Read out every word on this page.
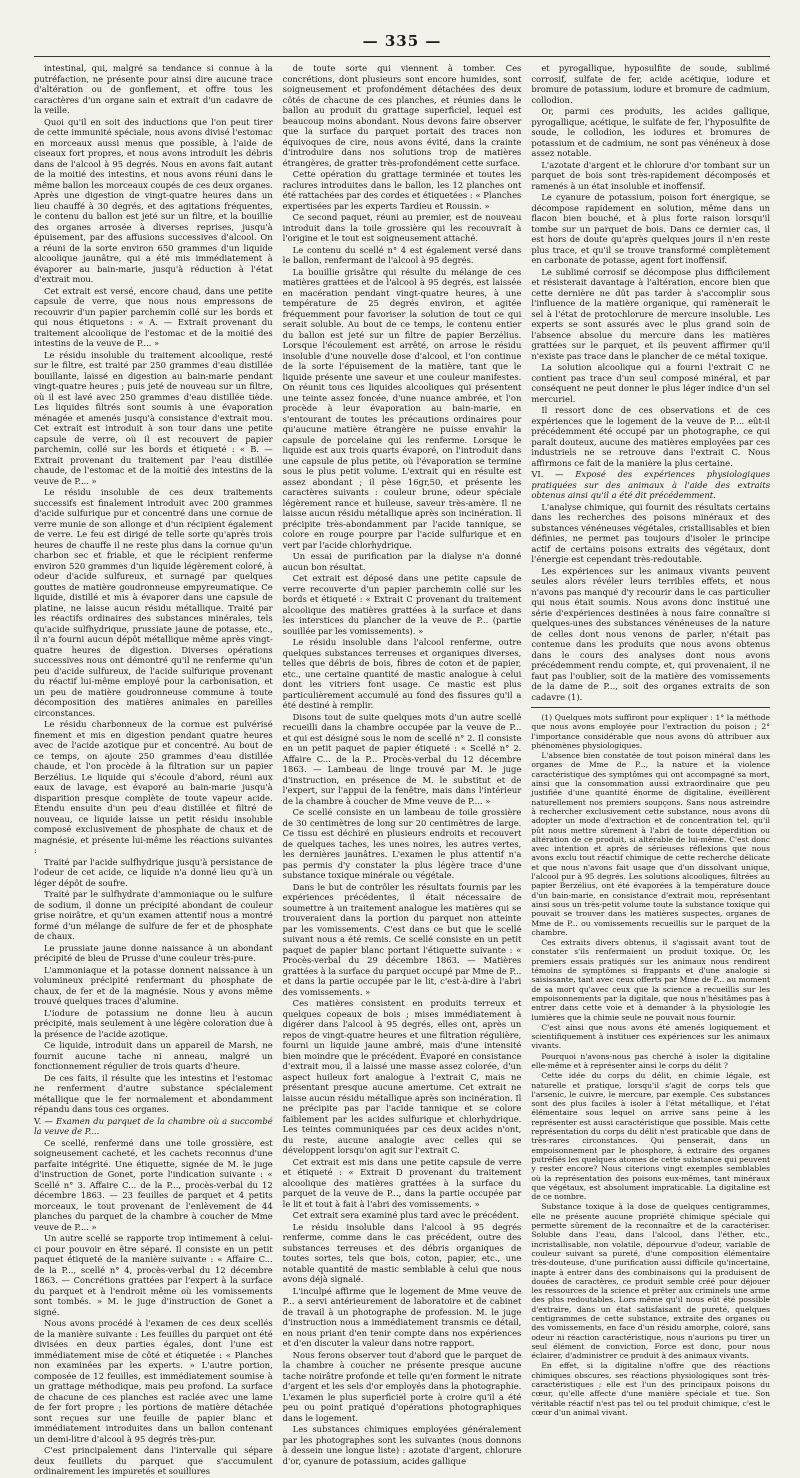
— 335 —

intestinal, qui, malgré sa tendance si connue à la putréfaction, ne présente pour ainsi dire aucune trace d'altération ou de gonflement, et offre tous les caractères d'un organe sain et extrait d'un cadavre de la veille.

Quoi qu'il en soit des inductions que l'on peut tirer de cette immunité spéciale, nous avons divisé l'estomac en morceaux aussi menus que possible, à l'aide de ciseaux fort propres, et nous avons introduit les débris dans de l'alcool à 95 degrés. Nous en avons fait autant de la moitié des intestins, et nous avons réuni dans le même ballon les morceaux coupés de ces deux organes. Après une digestion de vingt-quatre heures dans un lieu chauffé à 30 degrés, et des agitations fréquentes, le contenu du ballon est jeté sur un filtre, et la bouillie des organes arrosée à diverses reprises, jusqu'à épuisement, par des affusions successives d'alcool. On a réuni de la sorte environ 650 grammes d'un liquide alcoolique jaunâtre, qui a été mis immédiatement à évaporer au bain-marie, jusqu'à réduction à l'état d'extrait mou.

Cet extrait est versé, encore chaud, dans une petite capsule de verre, que nous nous empressons de recouvrir d'un papier parchemin collé sur les bords et qui nous étiquetons : « A. — Extrait provenant du traitement alcoolique de l'estomac et de la moitié des intestins de la veuve de P.... »

Le résidu insoluble du traitement alcoolique, resté sur le filtre, est traité par 250 grammes d'eau distillée bouillante, laissé en digestion au bain-marie pendant vingt-quatre heures ; puis jeté de nouveau sur un filtre, où il est lavé avec 250 grammes d'eau distillée tiède. Les liquides filtrés sont soumis à une évaporation ménagée et amenés jusqu'à consistance d'extrait mou. Cet extrait est introduit à son tour dans une petite capsule de verre, où il est recouvert de papier parchemin, collé sur les bords et étiqueté : « B. — Extrait provenant du traitement par l'eau distillée chaude, de l'estomac et de la moitié des intestins de la veuve de P.... »

Le résidu insoluble de ces deux traitements successifs est finalement introduit avec 200 grammes d'acide sulfurique pur et concentré dans une cornue de verre munie de son allonge et d'un récipient également de verre. Le feu est dirigé de telle sorte qu'après trois heures de chauffe il ne reste plus dans la cornue qu'un charbon sec et friable, et que le récipient renferme environ 520 grammes d'un liquide légèrement coloré, à odeur d'acide sulfureux, et surnagé par quelques gouttes de matière goudronneuse empyreumatique. Ce liquide, distillé et mis à évaporer dans une capsule de platine, ne laisse aucun résidu métallique. Traité par les réactifs ordinaires des substances minérales, tels qu'acide sulfhydrique, prussiate jaune de potasse, etc., il n'a fourni aucun dépôt métallique même après vingt-quatre heures de digestion. Diverses opérations successives nous ont démontré qu'il ne renferme qu'un peu d'acide sulfureux, de l'acide sulfurique provenant du réactif lui-même employé pour la carbonisation, et un peu de matière goudronneuse commune à toute décomposition des matières animales en pareilles circonstances.

Le résidu charbonneux de la cornue est pulvérisé finement et mis en digestion pendant quatre heures avec de l'acide azotique pur et concentré. Au bout de ce temps, on ajoute 250 grammes d'eau distillée chaude, et l'on procède à la filtration sur un papier Berzélius. Le liquide qui s'écoule d'abord, réuni aux eaux de lavage, est évaporé au bain-marie jusqu'à disparition presque complète de toute vapeur acide. Étendu ensuite d'un peu d'eau distillée et filtré de nouveau, ce liquide laisse un petit résidu insoluble composé exclusivement de phosphate de chaux et de magnésie, et présente lui-même les réactions suivantes :

Traité par l'acide sulfhydrique jusqu'à persistance de l'odeur de cet acide, ce liquide n'a donné lieu qu'à un léger dépôt de soufre.

Traité par le sulfhydrate d'ammoniaque ou le sulfure de sodium, il donne un précipité abondant de couleur grise noirâtre, et qu'un examen attentif nous a montré formé d'un mélange de sulfure de fer et de phosphate de chaux.

Le prussiate jaune donne naissance à un abondant précipité de bleu de Prusse d'une couleur très-pure.

L'ammoniaque et la potasse donnent naissance à un volumineux précipité renfermant du phosphate de chaux, de fer et de la magnésie. Nous y avons même trouvé quelques traces d'alumine.

L'iodure de potassium ne donne lieu à aucun précipité, mais seulement à une légère coloration due à la présence de l'acide azotique.

Ce liquide, introduit dans un appareil de Marsh, ne fournit aucune tache ni anneau, malgré un fonctionnement régulier de trois quarts d'heure.

De ces faits, il résulte que les intestins et l'estomac ne renferment d'autre substance spécialement métallique que le fer normalement et abondamment répandu dans tous ces organes.

V. — Examen du parquet de la chambre où a succombé la veuve de P....

Ce scellé, renfermé dans une toile grossière, est soigneusement cacheté, et les cachets reconnus d'une parfaite intégrité. Une étiquette, signée de M. le juge d'instruction de Gonet, porte l'indication suivante : « Scellé n° 3. Affaire C... de la P..., procès-verbal du 12 décembre 1863. — 23 feuilles de parquet et 4 petits morceaux, le tout provenant de l'enlèvement de 44 planches du parquet de la chambre à coucher de Mme veuve de P.... »

Un autre scellé se rapporte trop intimement à celui-ci pour pouvoir en être séparé. Il consiste en un petit paquet étiqueté de la manière suivante : « Affaire C... de la P..., scellé n° 4, procès-verbal du 12 décembre 1863. — Concrétions grattées par l'expert à la surface du parquet et à l'endroit même où les vomissements sont tombés. » M. le juge d'instruction de Gonet a signé.

Nous avons procédé à l'examen de ces deux scellés de la manière suivante : Les feuilles du parquet ont été divisées en deux parties égales, dont l'une est immédiatement mise de côté et étiquetée : « Planches non examinées par les experts. » L'autre portion, composée de 12 feuilles, est immédiatement soumise à un grattage méthodique, mais peu profond. La surface de chacune de ces planches est raclée avec une lame de fer fort propre ; les portions de matière détachée sont reçues sur une feuille de papier blanc et immédiatement introduites dans un ballon contenant un demi-litre d'alcool à 95 degrés très-pur.

C'est principalement dans l'intervalle qui sépare deux feuillets du parquet que s'accumulent ordinairement les impuretés et souillures

de toute sorte qui viennent à tomber. Ces concrétions, dont plusieurs sont encore humides, sont soigneusement et profondément détachées des deux côtés de chacune de ces planches, et réunies dans le ballon au produit du grattage superficiel, lequel est beaucoup moins abondant. Nous devons faire observer que la surface du parquet portait des traces non équivoques de cire, nous avons évité, dans la crainte d'introduire dans nos solutions trop de matières étrangères, de gratter très-profondément cette surface.

Cette opération du grattage terminée et toutes les raclures introduites dans le ballon, les 12 planches ont été rattachées par des cordes et étiquetées : « Planches expertisées par les experts Tardieu et Roussin. »

Ce second paquet, réuni au premier, est de nouveau introduit dans la toile grossière qui les recouvrait à l'origine et le tout est soigneusement attaché.

Le contenu du scellé n° 4 est également versé dans le ballon, renfermant de l'alcool à 95 degrés.

La bouillie grisâtre qui résulte du mélange de ces matières grattées et de l'alcool à 95 degrés, est laissée en macération pendant vingt-quatre heures, à une température de 25 degrés environ, et agitée fréquemment pour favoriser la solution de tout ce qui serait soluble. Au bout de ce temps, le contenu entier du ballon est jeté sur un filtre de papier Berzélius. Lorsque l'écoulement est arrêté, on arrose le résidu insoluble d'une nouvelle dose d'alcool, et l'on continue de la sorte l'épuisement de la matière, tant que le liquide présente une saveur et une couleur manifestes. On réunit tous ces liquides alcooliques qui présentent une teinte assez foncée, d'une nuance ambrée, et l'on procède à leur évaporation au bain-marie, en s'entourant de toutes les précautions ordinaires pour qu'aucune matière étrangère ne puisse envahir la capsule de porcelaine qui les renferme. Lorsque le liquide est aux trois quarts évaporé, on l'introduit dans une capsule de plus petite, où l'évaporation se termine sous le plus petit volume. L'extrait qui en résulte est assez abondant ; il pèse 16gr,50, et présente les caractères suivants : couleur brune, odeur spéciale légèrement rance et huileuse, saveur très-amère. Il ne laisse aucun résidu métallique après son incinération. Il précipite très-abondamment par l'acide tannique, se colore en rouge pourpre par l'acide sulfurique et en vert par l'acide chlorhydrique.

Un essai de purification par la dialyse n'a donné aucun bon résultat.

Cet extrait est déposé dans une petite capsule de verre recouverte d'un papier parchemin collé sur les bords et étiqueté : « Extrait C provenant du traitement alcoolique des matières grattées à la surface et dans les interstices du plancher de la veuve de P... (partie souillée par les vomissements). »

Le résidu insoluble dans l'alcool renferme, outre quelques substances terreuses et organiques diverses, telles que débris de bois, fibres de coton et de papier, etc., une certaine quantité de mastic analogue à celui dont les vitriers font usage. Ce mastic est plus particulièrement accumulé au fond des fissures qu'il a été destiné à remplir.

Disons tout de suite quelques mots d'un autre scellé recueilli dans la chambre occupée par la veuve de P... et qui est désigné sous le nom de scellé n° 2. Il consiste en un petit paquet de papier étiqueté : « Scellé n° 2. Affaire C... de la P... Procès-verbal du 12 décembre 1863. — Lambeau de linge trouvé par M. le juge d'instruction, en présence de M. le substitut et de l'expert, sur l'appui de la fenêtre, mais dans l'intérieur de la chambre à coucher de Mme veuve de P.... »

Ce scellé consiste en un lambeau de toile grossière de 30 centimètres de long sur 20 centimètres de large. Ce tissu est déchiré en plusieurs endroits et recouvert de quelques taches, les unes noires, les autres vertes, les dernières jaunâtres. L'examen le plus attentif n'a pas permis d'y constater la plus légère trace d'une substance toxique minérale ou végétale.

Dans le but de contrôler les résultats fournis par les expériences précédentes, il était nécessaire de soumettre à un traitement analogue les matières qui se trouveraient dans la portion du parquet non atteinte par les vomissements. C'est dans ce but que le scellé suivant nous a été remis. Ce scellé consiste en un petit paquet de papier blanc portant l'étiquette suivante : « Procès-verbal du 29 décembre 1863. — Matières grattées à la surface du parquet occupé par Mme de P... et dans la partie occupée par le lit, c'est-à-dire à l'abri des vomissements. »

Ces matières consistent en produits terreux et quelques copeaux de bois ; mises immédiatement à digérer dans l'alcool à 95 degrés, elles ont, après un repos de vingt-quatre heures et une filtration régulière, fourni un liquide jaune ambré, mais d'une intensité bien moindre que le précédent. Évaporé en consistance d'extrait mou, il a laissé une masse assez colorée, d'un aspect huileux fort analogue à l'extrait C, mais ne présentant presque aucune amertume. Cet extrait ne laisse aucun résidu métallique après son incinération. Il ne précipite pas par l'acide tannique et se colore faiblement par les acides sulfurique et chlorhydrique. Les teintes communiquées par ces deux acides n'ont, du reste, aucune analogie avec celles qui se développent lorsqu'on agit sur l'extrait C.

Cet extrait est mis dans une petite capsule de verre et étiqueté : « Extrait D provenant du traitement alcoolique des matières grattées à la surface du parquet de la veuve de P..., dans la partie occupée par le lit et tout à fait à l'abri des vomissements. »

Cet extrait sera examiné plus tard avec le précédent.

Le résidu insoluble dans l'alcool à 95 degrés renferme, comme dans le cas précédent, outre des substances terreuses et des débris organiques de toutes sortes, tels que bois, coton, papier, etc., une notable quantité de mastic semblable à celui que nous avons déjà signalé.

L'inculpé affirme que le logement de Mme veuve de P... a servi antérieurement de laboratoire et de cabinet de travail à un photographe de profession. M. le juge d'instruction nous a immédiatement transmis ce détail, en nous priant d'en tenir compte dans nos expériences et d'en discuter la valeur dans notre rapport.

Nous ferons observer tout d'abord que le parquet de la chambre à coucher ne présente presque aucune tache noirâtre profonde et telle qu'en forment le nitrate d'argent et les sels d'or employés dans la photographie. L'examen le plus superficiel porte à croire qu'il a été peu ou point pratiqué d'opérations photographiques dans le logement.

Les substances chimiques employées généralement par les photographes sont les suivantes (nous donnons à dessein une longue liste) : azotate d'argent, chlorure d'or, cyanure de potassium, acides gallique

et pyrogallique, hyposulfite de soude, sublimé corrosif, sulfate de fer, acide acétique, iodure et bromure de potassium, iodure et bromure de cadmium, collodion.

Or, parmi ces produits, les acides gallique, pyrogallique, acétique, le sulfate de fer, l'hyposulfite de soude, le collodion, les iodures et bromures de potassium et de cadmium, ne sont pas vénéneux à dose assez notable.

L'azotate d'argent et le chlorure d'or tombant sur un parquet de bois sont très-rapidement décomposés et ramenés à un état insoluble et inoffensif.

Le cyanure de potassium, poison fort énergique, se décompose rapidement en solution, même dans un flacon bien bouché, et à plus forte raison lorsqu'il tombe sur un parquet de bois. Dans ce dernier cas, il est hors de doute qu'après quelques jours il n'en reste plus trace, et qu'il se trouve transformé complètement en carbonate de potasse, agent fort inoffensif.

Le sublimé corrosif se décompose plus difficilement et résisterait davantage à l'altération, encore bien que cette dernière ne dût pas tarder à s'accomplir sous l'influence de la matière organique, qui ramènerait le sel à l'état de protochlorure de mercure insoluble. Les experts se sont assurés avec le plus grand soin de l'absence absolue du mercure dans les matières grattées sur le parquet, et ils peuvent affirmer qu'il n'existe pas trace dans le plancher de ce métal toxique.

La solution alcoolique qui a fourni l'extrait C ne contient pas trace d'un seul composé minéral, et par conséquent ne peut donner le plus léger indice d'un sel mercuriel.

Il ressort donc de ces observations et de ces expériences que le logement de la veuve de P.... eût-il précédemment été occupé par un photographe, ce qui paraît douteux, aucune des matières employées par ces industriels ne se retrouve dans l'extrait C. Nous affirmons ce fait de la manière la plus certaine.

VI. — Exposé des expériences physiologiques pratiquées sur des animaux à l'aide des extraits obtenus ainsi qu'il a été dit précédemment.

L'analyse chimique, qui fournit des résultats certains dans les recherches des poisons minéraux et des substances vénéneuses végétales, cristallisables et bien définies, ne permet pas toujours d'isoler le principe actif de certains poisons extraits des végétaux, dont l'énergie est cependant très-redoutable.

Les expériences sur les animaux vivants peuvent seules alors révéler leurs terribles effets, et nous n'avons pas manqué d'y recourir dans le cas particulier qui nous était soumis. Nous avons donc institué une série d'expériences destinées à nous faire connaître si quelques-unes des substances vénéneuses de la nature de celles dont nous venons de parler, n'était pas contenue dans les produits que nous avons obtenus dans le cours des analyses dont nous avons précédemment rendu compte, et, qui provenaient, il ne faut pas l'oublier, soit de la matière des vomissements de la dame de P..., soit des organes extraits de son cadavre (1).

(1) Quelques mots suffiront pour expliquer : 1° la méthode que nous avons employée pour l'extraction du poison ; 2° l'importance considérable que nous avons dû attribuer aux phénomènes physiologiques.

L'absence bien constatée de tout poison minéral dans les organes de Mme de P..., la nature et la violence caractéristique des symptômes qui ont accompagné sa mort, ainsi que la consommation aussi extraordinaire que peu justifiée d'une quantité énorme de digitaline, éveillèrent naturellement nos premiers soupçons. Sans nous astreindre à rechercher exclusivement cette substance, nous avons dû adopter un mode d'extraction et de concentration tel, qu'il pût nous mettre sûrement à l'abri de toute déperdition ou altération de ce produit, si altérable de lui-même. C'est donc avec intention et après de sérieuses réflexions que nous avons exclu tout réactif chimique de cette recherche délicate et que nous n'avons fait usage que d'un dissolvant unique, l'alcool pur à 95 degrés. Les solutions alcooliques, filtrées au papier Berzélius, ont été évaporées à la température douce d'un bain-marie, en consistance d'extrait mou, représentant ainsi sous un très-petit volume toute la substance toxique qui pouvait se trouver dans les matières suspectes, organes de Mme de P... ou vomissements recueillis sur le parquet de la chambre.

Ces extraits divers obtenus, il s'agissait avant tout de constater s'ils renfermaient un produit toxique. Or, les premiers essais pratiqués sur les animaux nous rendirent témoins de symptômes si frappants et d'une analogie si saisissante, tant avec ceux offerts par Mme de P... au moment de sa mort qu'avec ceux que la science a recueillis sur les empoisonnements par la digitale, que nous n'hésitâmes pas à entrer dans cette voie et à demander à la physiologie les lumières que la chimie seule ne pouvait nous fournir.

C'est ainsi que nous avons été amenés logiquement et scientifiquement à instituer ces expériences sur les animaux vivants.

Pourquoi n'avons-nous pas cherché à isoler la digitaline elle-même et à représenter ainsi le corps du délit ?

Cette idée du corps du délit, en chimie légale, est naturelle et pratique, lorsqu'il s'agit de corps tels que l'arsenic, le cuivre, le mercure, par exemple. Ces substances sont des plus faciles à isoler à l'état métallique, et l'état élémentaire sous lequel on arrive sans peine à les représenter est aussi caractéristique que possible. Mais cette représentation du corps du délit n'est praticable que dans de très-rares circonstances. Qui penserait, dans un empoisonnement par le phosphore, à extraire des organes putréfiés les quelques atomes de cette substance qui peuvent y rester encore? Nous citerions vingt exemples semblables où la représentation des poisons eux-mêmes, tant minéraux que végétaux, est absolument impraticable. La digitaline est de ce nombre.

Substance toxique à la dose de quelques centigrammes, elle ne présente aucune propriété chimique spéciale qui permette sûrement de la reconnaître et de la caractériser. Soluble dans l'eau, dans l'alcool, dans l'éther, etc., incristallisable, non volatile, dépourvue d'odeur, variable de couleur suivant sa pureté, d'une composition élémentaire très-douteuse, d'une purification aussi difficile qu'incertaine, inapte à entrer dans des combinaisons qui la produisent de douées de caractères, ce produit semble créé pour déjouer les ressources de la science et prêter aux criminels une arme des plus redoutables. Lors même qu'il nous eût été possible d'extraire, dans un état satisfaisant de pureté, quelques centigrammes de cette substance, extraite des organes ou des vomissements, en face d'un résidu amorphe, coloré, sans odeur ni réaction caractéristique, nous n'aurions pu tirer un seul élément de conviction, Force est donc, pour nous éclairer, d'administrer ce produit à des animaux vivants.

En effet, si la digitaline n'offre que des réactions chimiques obscures, ses réactions physiologiques sont très-caractéristiques ; elle est l'un des principaux poisons du cœur, qu'elle affecte d'une manière spéciale et tue. Son véritable réactif n'est pas tel ou tel produit chimique, c'est le cœur d'un animal vivant.
